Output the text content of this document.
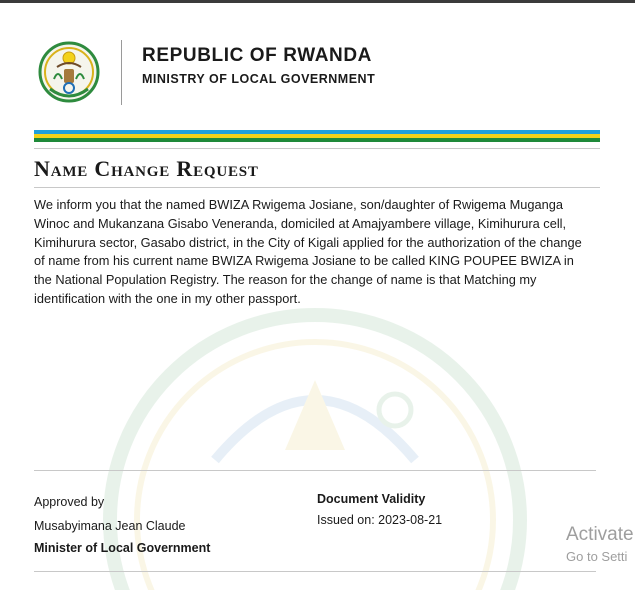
REPUBLIC OF RWANDA
MINISTRY OF LOCAL GOVERNMENT
Name Change Request
We inform you that the named BWIZA Rwigema Josiane, son/daughter of Rwigema Muganga Winoc and Mukanzana Gisabo Veneranda, domiciled at Amajyambere village, Kimihurura cell, Kimihurura sector, Gasabo district, in the City of Kigali applied for the authorization of the change of name from his current name BWIZA Rwigema Josiane to be called KING POUPEE BWIZA in the National Population Registry. The reason for the change of name is that Matching my identification with the one in my other passport.
Approved by
Musabyimana Jean Claude
Minister of Local Government
Document Validity
Issued on: 2023-08-21
Activate
Go to Setti
